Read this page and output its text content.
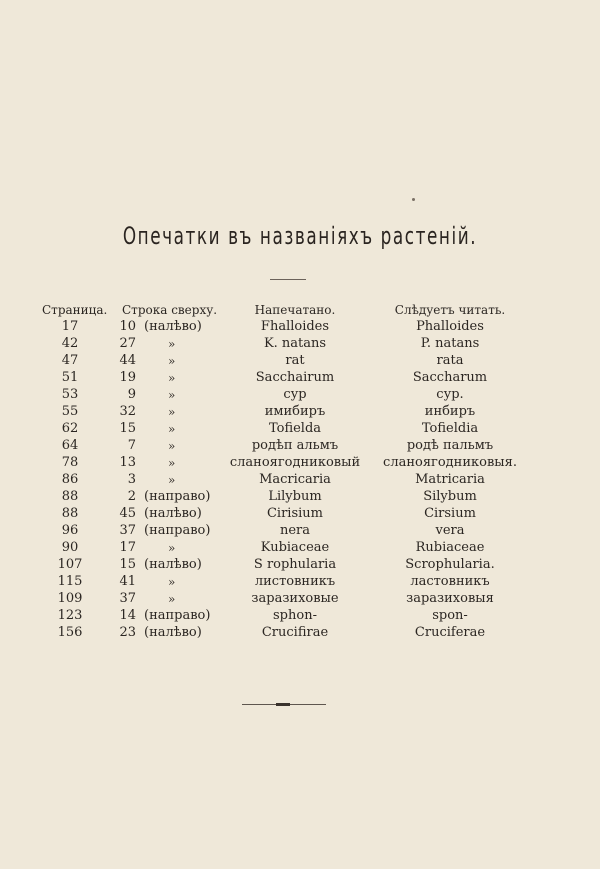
Опечатки въ названіяхъ растеній.
Страница. Строка сверху.	Напечатано.	Слѣдуетъ читать.
17	10 (налѣво)	Fhalloides	Phalloides
42	27	»	K. natans	P. natans
47	44	»	rat	rata
51	19	»	Sacchairum	Saccharum
53	9	»	сур	сур.
55	32	»	имибиръ	инбиръ
62	15	»	Tofielda	Tofieldia
64	7	»	родѣп альмъ	родѣ пальмъ
78	13	»	сланоягодниковый	сланоягодниковыя.
86	3	»	Macricaria	Matricaria
88	2 (направо)	Lilybum	Silybum
88	45 (налѣво)	Cirisium	Cirsium
96	37 (направо)	nera	vera
90	17	»	Kubiaceae	Rubiaceae
107	15 (налѣво)	S rophularia	Scrophularia.
115	41	»	листовникъ	ластовникъ
109	37	»	заразиховые	заразиховыя
123	14 (направо)	sphon-	spon-
156	23 (налѣво)	Crucifirae	Cruciferae
